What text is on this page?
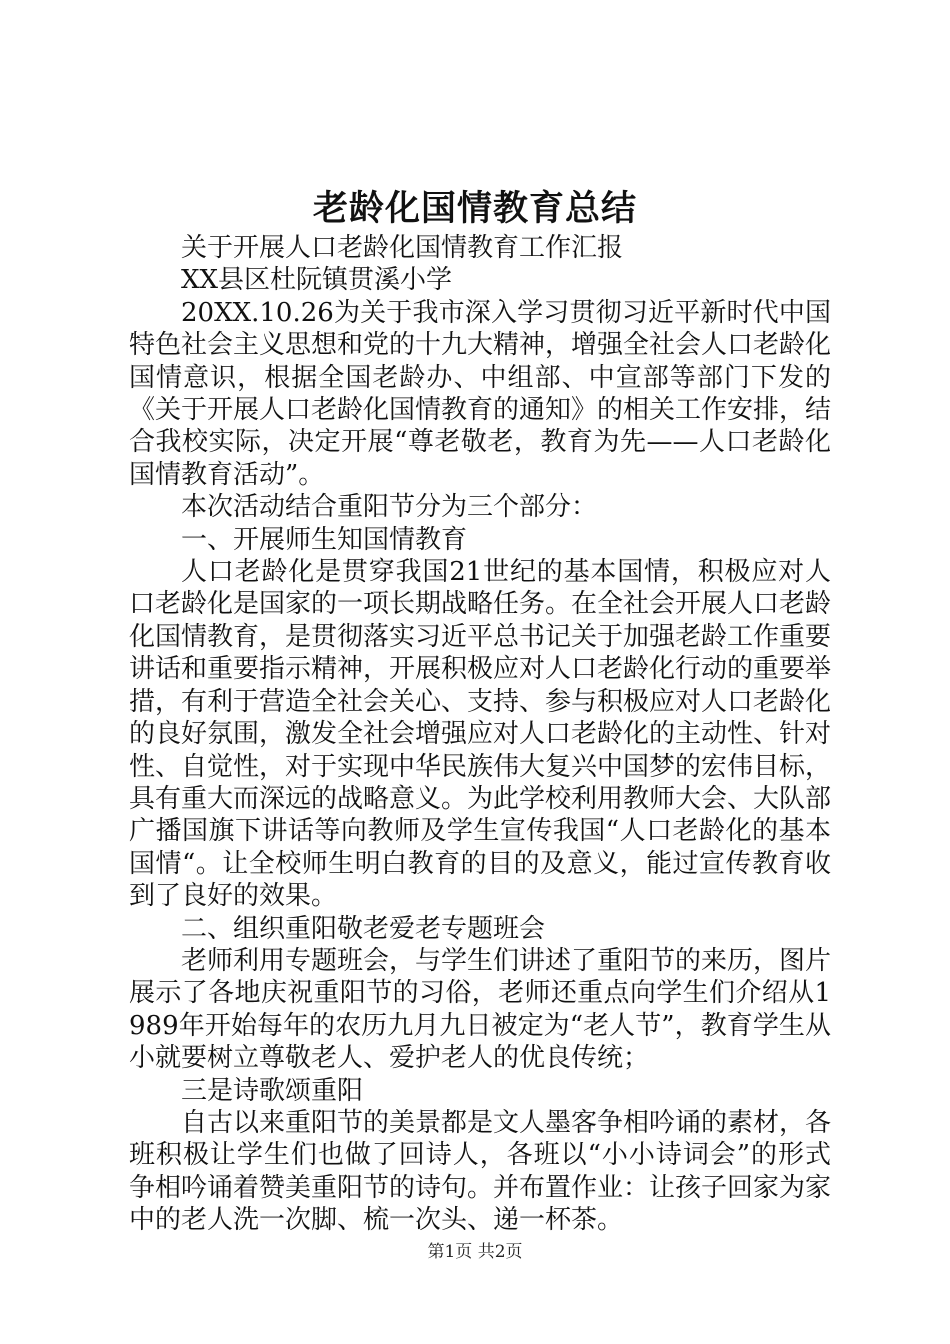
老龄化国情教育总结

关于开展人口老龄化国情教育工作汇报

XX县区杜阮镇贯溪小学

20XX.10.26为关于我市深入学习贯彻习近平新时代中国特色社会主义思想和党的十九大精神，增强全社会人口老龄化国情意识，根据全国老龄办、中组部、中宣部等部门下发的《关于开展人口老龄化国情教育的通知》的相关工作安排，结合我校实际，决定开展“尊老敬老，教育为先——人口老龄化国情教育活动”。

本次活动结合重阳节分为三个部分：

一、开展师生知国情教育

人口老龄化是贯穿我国21世纪的基本国情，积极应对人口老龄化是国家的一项长期战略任务。在全社会开展人口老龄化国情教育，是贯彻落实习近平总书记关于加强老龄工作重要讲话和重要指示精神，开展积极应对人口老龄化行动的重要举措，有利于营造全社会关心、支持、参与积极应对人口老龄化的良好氛围，激发全社会增强应对人口老龄化的主动性、针对性、自觉性，对于实现中华民族伟大复兴中国梦的宏伟目标，具有重大而深远的战略意义。为此学校利用教师大会、大队部广播国旗下讲话等向教师及学生宣传我国“人口老龄化的基本国情“。让全校师生明白教育的目的及意义，能过宣传教育收到了良好的效果。

二、组织重阳敬老爱老专题班会

老师利用专题班会，与学生们讲述了重阳节的来历，图片展示了各地庆祝重阳节的习俗，老师还重点向学生们介绍从1989年开始每年的农历九月九日被定为“老人节”，教育学生从小就要树立尊敬老人、爱护老人的优良传统；

三是诗歌颂重阳

自古以来重阳节的美景都是文人墨客争相吟诵的素材，各班积极让学生们也做了回诗人，各班以“小小诗词会”的形式争相吟诵着赞美重阳节的诗句。并布置作业：让孩子回家为家中的老人洗一次脚、梳一次头、递一杯茶。

第1页 共2页
